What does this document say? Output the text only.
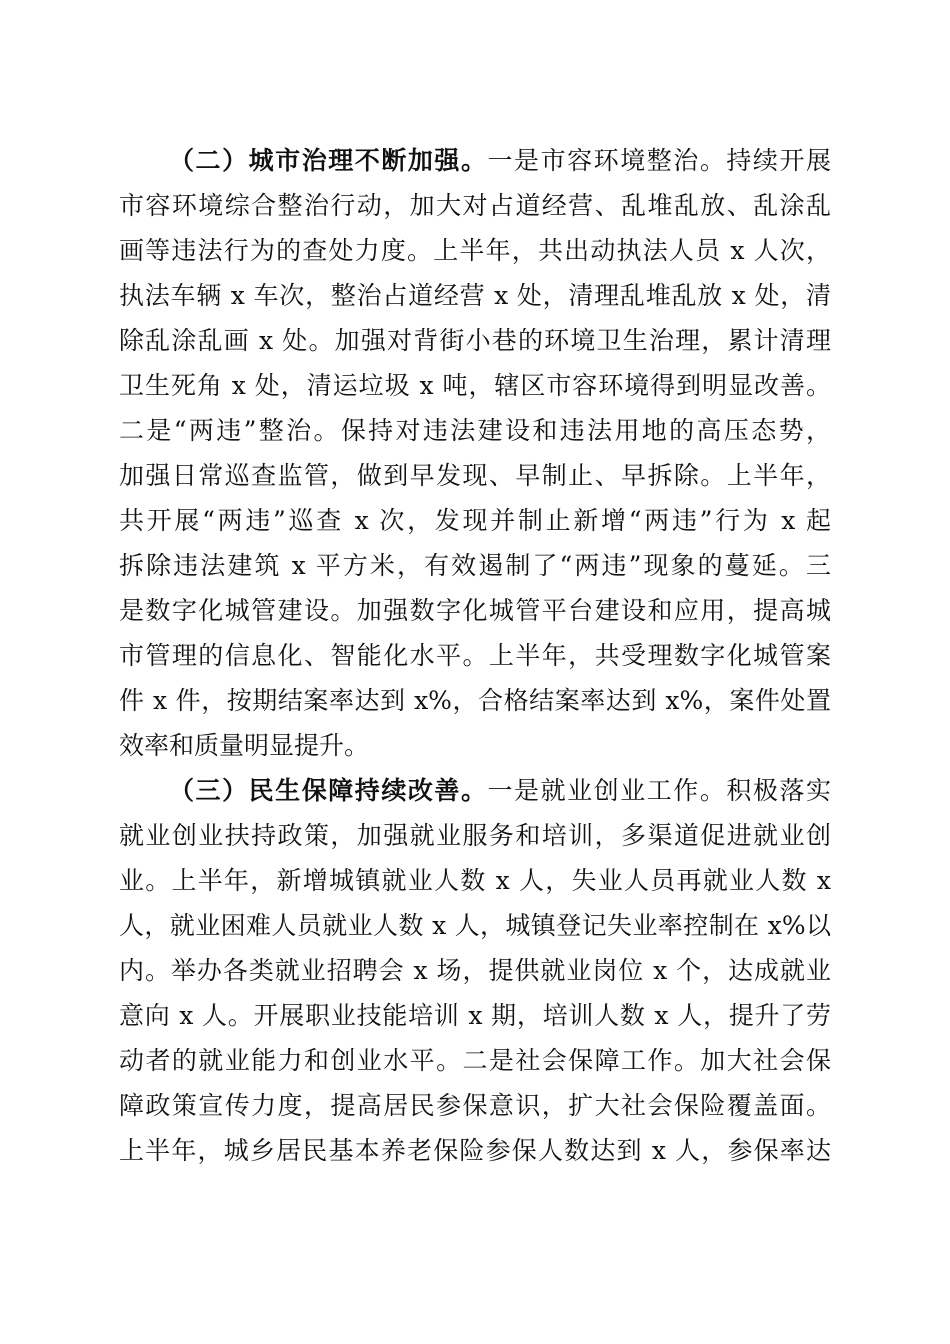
（二）城市治理不断加强。一是市容环境整治。持续开展
市容环境综合整治行动，加大对占道经营、乱堆乱放、乱涂乱
画等违法行为的查处力度。上半年，共出动执法人员 x 人次，
执法车辆 x 车次，整治占道经营 x 处，清理乱堆乱放 x 处，清
除乱涂乱画 x 处。加强对背街小巷的环境卫生治理，累计清理
卫生死角 x 处，清运垃圾 x 吨，辖区市容环境得到明显改善。
二是“两违”整治。保持对违法建设和违法用地的高压态势，
加强日常巡查监管，做到早发现、早制止、早拆除。上半年，
共开展“两违”巡查 x 次，发现并制止新增“两违”行为 x 起
拆除违法建筑 x 平方米，有效遏制了“两违”现象的蔓延。三
是数字化城管建设。加强数字化城管平台建设和应用，提高城
市管理的信息化、智能化水平。上半年，共受理数字化城管案
件 x 件，按期结案率达到 x%，合格结案率达到 x%，案件处置
效率和质量明显提升。

（三）民生保障持续改善。一是就业创业工作。积极落实
就业创业扶持政策，加强就业服务和培训，多渠道促进就业创
业。上半年，新增城镇就业人数 x 人，失业人员再就业人数 x
人，就业困难人员就业人数 x 人，城镇登记失业率控制在 x%以
内。举办各类就业招聘会 x 场，提供就业岗位 x 个，达成就业
意向 x 人。开展职业技能培训 x 期，培训人数 x 人，提升了劳
动者的就业能力和创业水平。二是社会保障工作。加大社会保
障政策宣传力度，提高居民参保意识，扩大社会保险覆盖面。
上半年，城乡居民基本养老保险参保人数达到 x 人，参保率达
